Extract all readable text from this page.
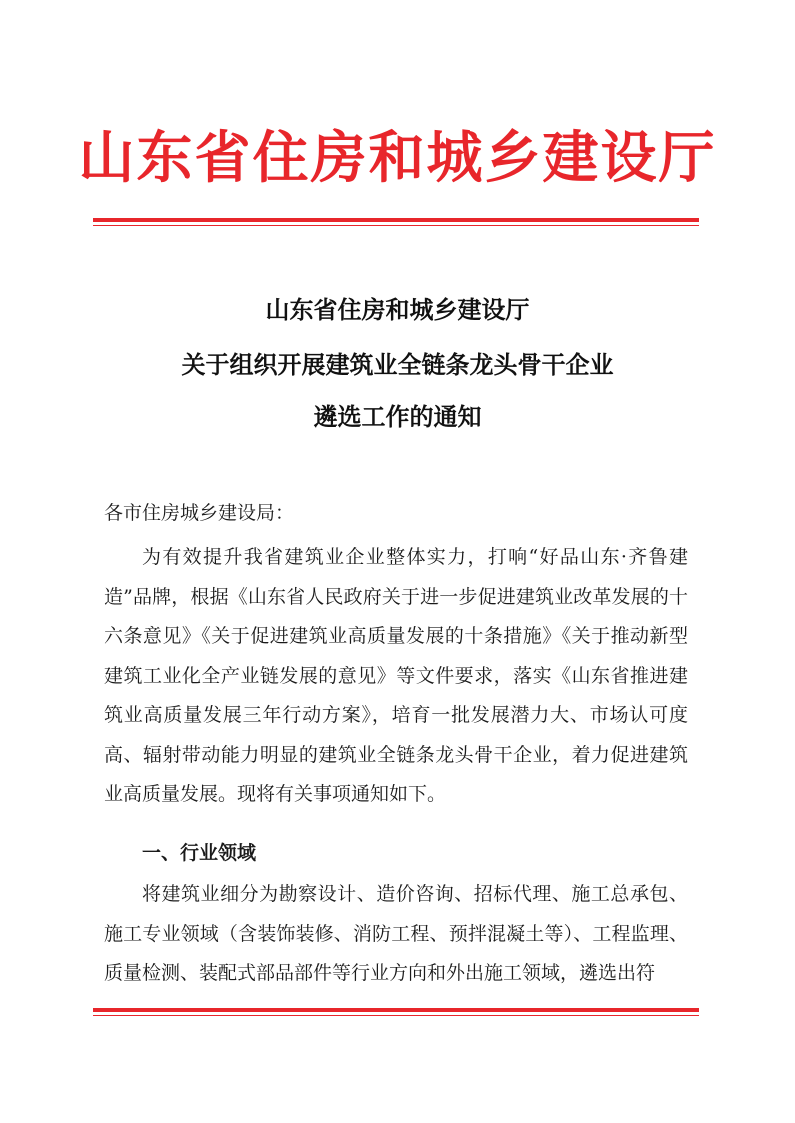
山东省住房和城乡建设厅
山东省住房和城乡建设厅
关于组织开展建筑业全链条龙头骨干企业
遴选工作的通知
各市住房城乡建设局：

为有效提升我省建筑业企业整体实力，打响“好品山东·齐鲁建造”品牌，根据《山东省人民政府关于进一步促进建筑业改革发展的十六条意见》《关于促进建筑业高质量发展的十条措施》《关于推动新型建筑工业化全产业链发展的意见》等文件要求，落实《山东省推进建筑业高质量发展三年行动方案》，培育一批发展潜力大、市场认可度高、辐射带动能力明显的建筑业全链条龙头骨干企业，着力促进建筑业高质量发展。现将有关事项通知如下。

一、行业领域

将建筑业细分为勘察设计、造价咨询、招标代理、施工总承包、施工专业领域（含装饰装修、消防工程、预拌混凝土等）、工程监理、质量检测、装配式部品部件等行业方向和外出施工领域，遴选出符
